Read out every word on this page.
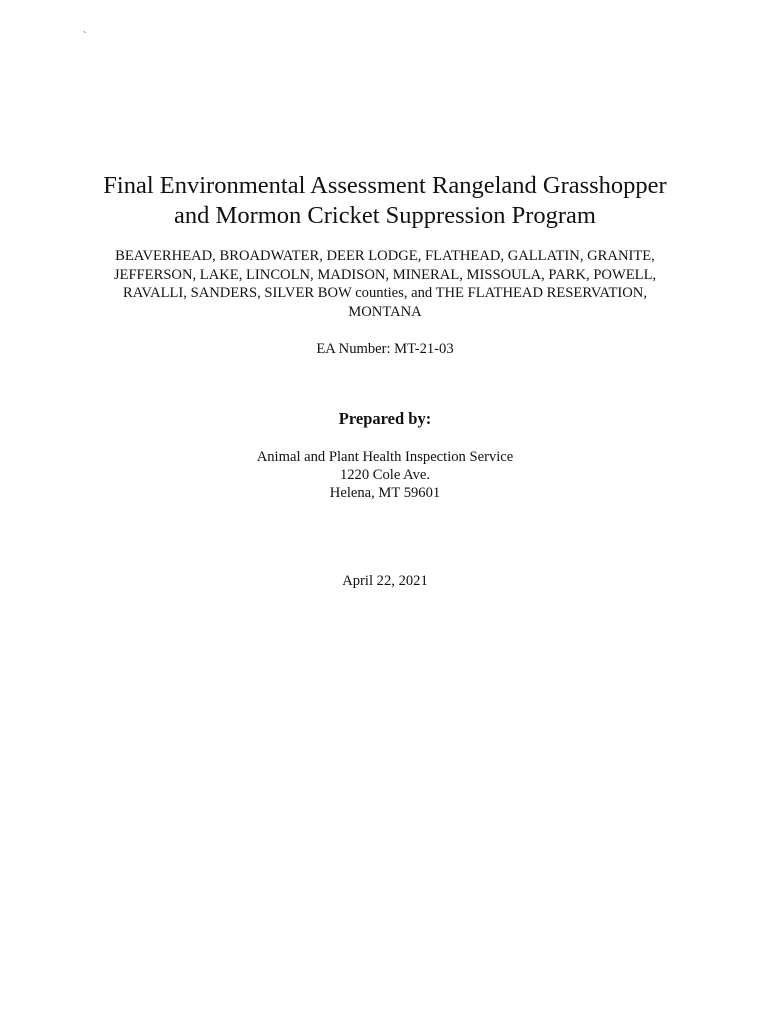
`
Final Environmental Assessment Rangeland Grasshopper
and Mormon Cricket Suppression Program

BEAVERHEAD, BROADWATER, DEER LODGE, FLATHEAD, GALLATIN, GRANITE,
JEFFERSON, LAKE, LINCOLN, MADISON, MINERAL, MISSOULA, PARK, POWELL,
RAVALLI, SANDERS, SILVER BOW counties, and THE FLATHEAD RESERVATION,
MONTANA

EA Number: MT-21-03

Prepared by:

Animal and Plant Health Inspection Service
1220 Cole Ave.
Helena, MT 59601

April 22, 2021
